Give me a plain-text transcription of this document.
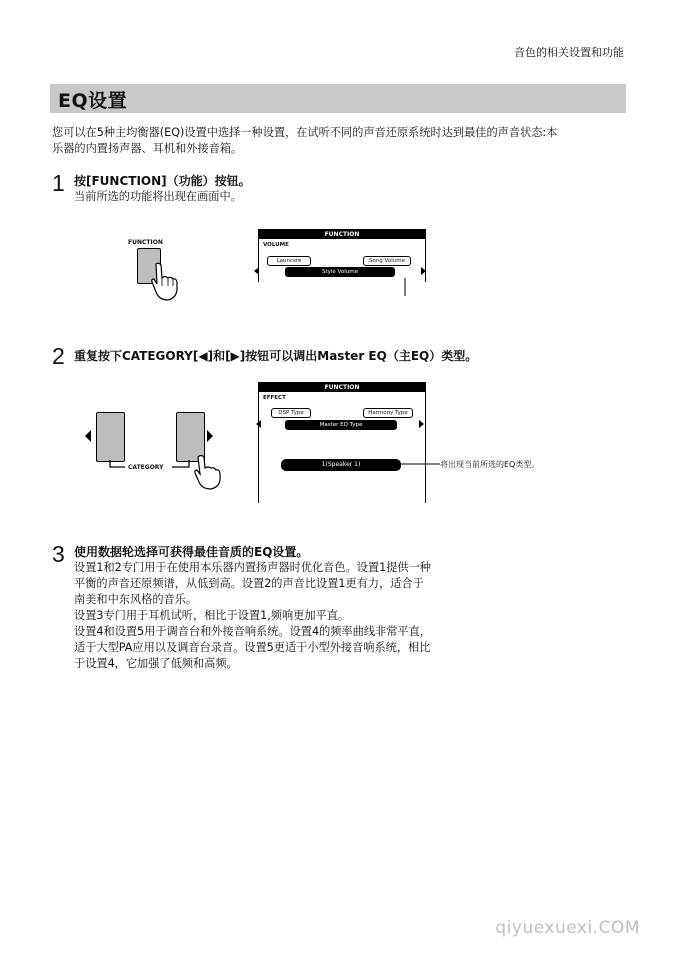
音色的相关设置和功能
EQ设置
您可以在5种主均衡器(EQ)设置中选择一种设置，在试听不同的声音还原系统时达到最佳的声音状态:本
乐器的内置扬声器、耳机和外接音箱。
1 按[FUNCTION]（功能）按钮。
当前所选的功能将出现在画面中。
FUNCTION
FUNCTION
VOLUME
Launcsre	Song Volume
Style Volume
2 重复按下CATEGORY[◀]和[▶]按钮可以调出Master EQ（主EQ）类型。
CATEGORY
FUNCTION
EFFECT
DSP Type	Harmony Type
Master EQ Type
1(Speaker 1)	将出现当前所选的EQ类型。
3 使用数据轮选择可获得最佳音质的EQ设置。
设置1和2专门用于在使用本乐器内置扬声器时优化音色。设置1提供一种
平衡的声音还原频谱，从低到高。设置2的声音比设置1更有力，适合于
南美和中东风格的音乐。
设置3专门用于耳机试听，相比于设置1,频响更加平直。
设置4和设置5用于调音台和外接音响系统。设置4的频率曲线非常平直，
适于大型PA应用以及调音台录音。设置5更适于小型外接音响系统，相比
于设置4，它加强了低频和高频。
qiyuexuexi.COM
